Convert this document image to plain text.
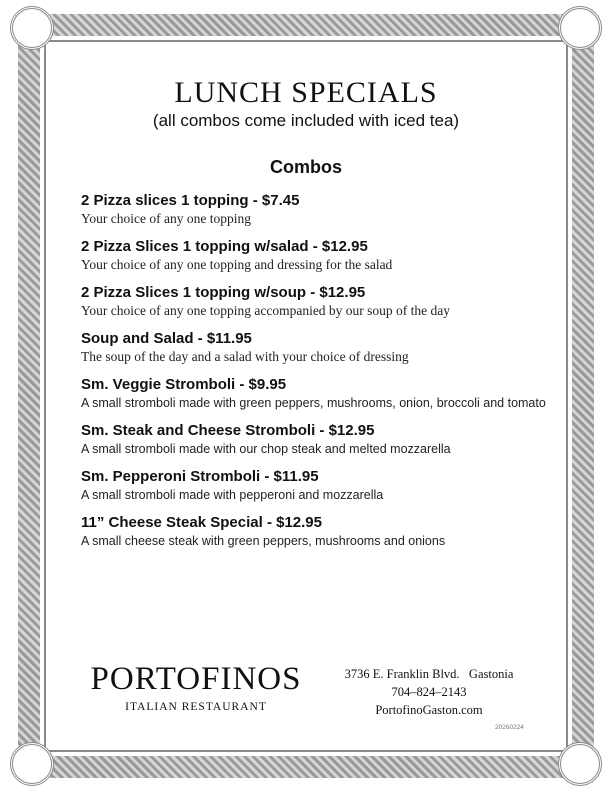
LUNCH SPECIALS
(all combos come included with iced tea)
Combos
2 Pizza slices 1 topping - $7.45
Your choice of any one topping
2 Pizza Slices 1 topping w/salad - $12.95
Your choice of any one topping and dressing for the salad
2 Pizza Slices 1 topping w/soup - $12.95
Your choice of any one topping accompanied by our soup of the day
Soup and Salad - $11.95
The soup of the day and a salad with your choice of dressing
Sm. Veggie Stromboli - $9.95
A small stromboli made with green peppers, mushrooms, onion, broccoli and tomato
Sm. Steak and Cheese Stromboli - $12.95
A small stromboli made with our chop steak and melted mozzarella
Sm. Pepperoni Stromboli - $11.95
A small stromboli made with pepperoni and mozzarella
11” Cheese Steak Special - $12.95
A small cheese steak with green peppers, mushrooms and onions
PORTOFINOS
ITALIAN RESTAURANT
3736 E. Franklin Blvd.   Gastonia
704–824–2143
PortofinoGaston.com
20260224
